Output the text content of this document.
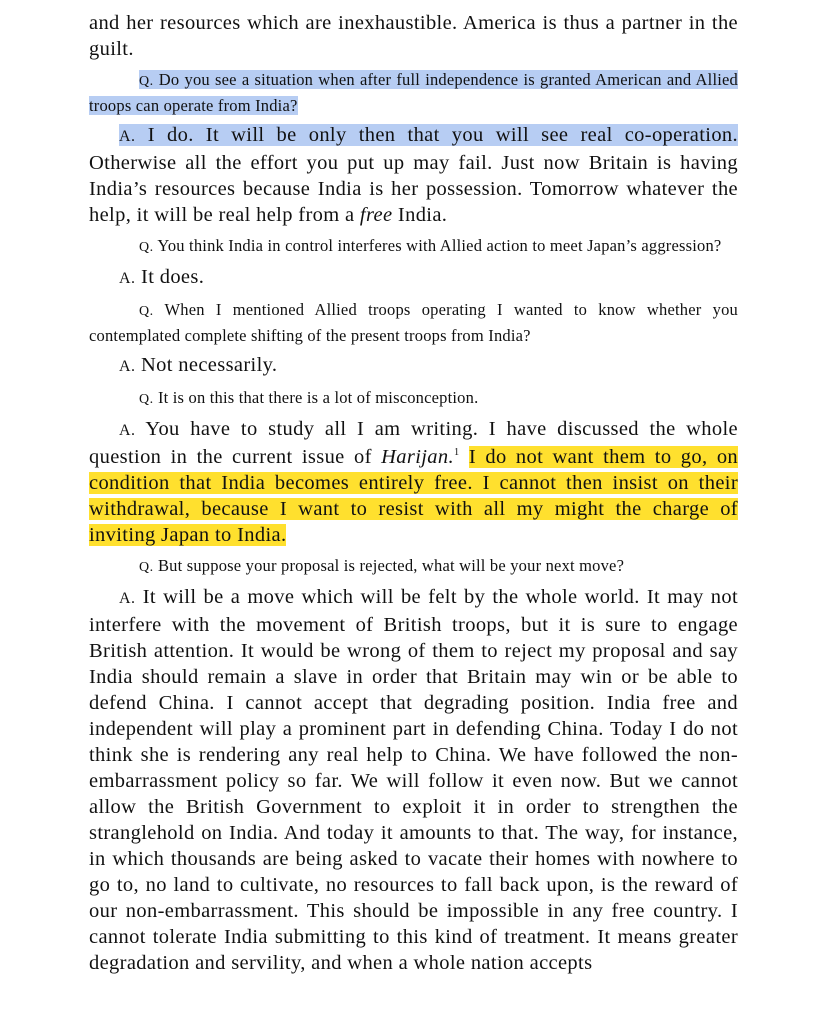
and her resources which are inexhaustible. America is thus a partner in the guilt.

Q. Do you see a situation when after full independence is granted American and Allied troops can operate from India?

A. I do. It will be only then that you will see real co-operation. Otherwise all the effort you put up may fail. Just now Britain is having India’s resources because India is her possession. Tomorrow whatever the help, it will be real help from a free India.

Q. You think India in control interferes with Allied action to meet Japan’s aggression?

A. It does.

Q. When I mentioned Allied troops operating I wanted to know whether you contemplated complete shifting of the present troops from India?

A. Not necessarily.

Q. It is on this that there is a lot of misconception.

A. You have to study all I am writing. I have discussed the whole question in the current issue of Harijan.$^1$ I do not want them to go, on condition that India becomes entirely free. I cannot then insist on their withdrawal, because I want to resist with all my might the charge of inviting Japan to India.

Q. But suppose your proposal is rejected, what will be your next move?

A. It will be a move which will be felt by the whole world. It may not interfere with the movement of British troops, but it is sure to engage British attention. It would be wrong of them to reject my proposal and say India should remain a slave in order that Britain may win or be able to defend China. I cannot accept that degrading position. India free and independent will play a prominent part in defending China. Today I do not think she is rendering any real help to China. We have followed the non-embarrassment policy so far. We will follow it even now. But we cannot allow the British Government to exploit it in order to strengthen the stranglehold on India. And today it amounts to that. The way, for instance, in which thousands are being asked to vacate their homes with nowhere to go to, no land to cultivate, no resources to fall back upon, is the reward of our non-embarrassment. This should be impossible in any free country. I cannot tolerate India submitting to this kind of treatment. It means greater degradation and servility, and when a whole nation accepts
